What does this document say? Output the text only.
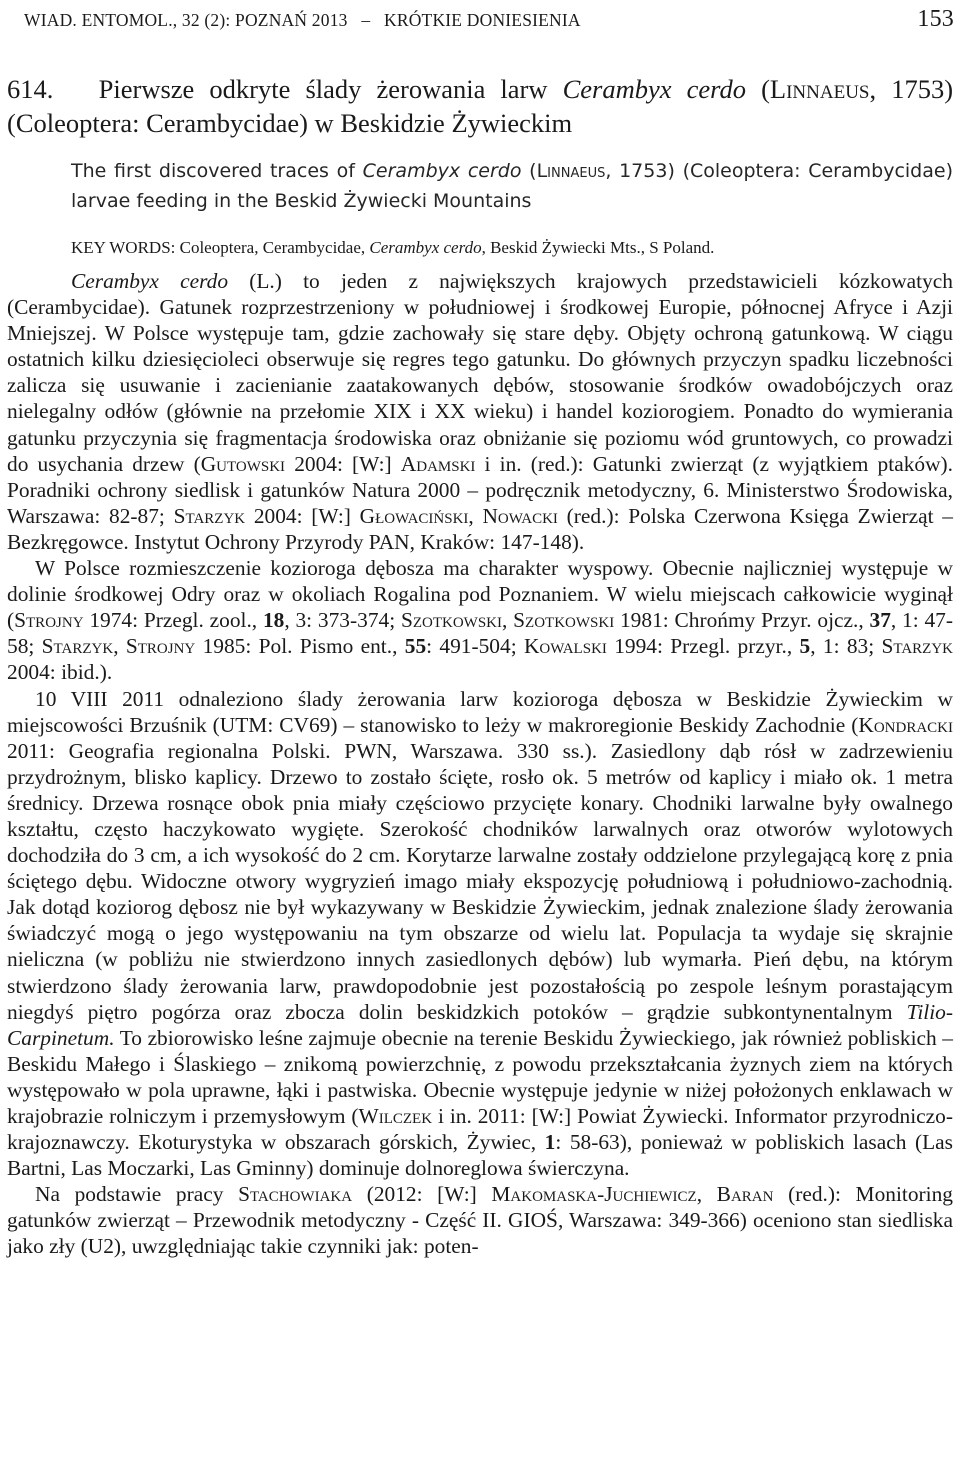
WIAD. ENTOMOL., 32 (2): POZNAŃ 2013   –   KRÓTKIE DONIESIENIA	153
614. Pierwsze odkryte ślady żerowania larw Cerambyx cerdo (Linnaeus, 1753) (Coleoptera: Cerambycidae) w Beskidzie Żywieckim
The first discovered traces of Cerambyx cerdo (Linnaeus, 1753) (Coleoptera: Cerambycidae) larvae feeding in the Beskid Żywiecki Mountains
KEY WORDS: Coleoptera, Cerambycidae, Cerambyx cerdo, Beskid Żywiecki Mts., S Poland.

Cerambyx cerdo (L.) to jeden z największych krajowych przedstawicieli kózkowatych (Cerambycidae). Gatunek rozprzestrzeniony w południowej i środkowej Europie, północnej Afryce i Azji Mniejszej. W Polsce występuje tam, gdzie zachowały się stare dęby. Objęty ochroną gatunkową. W ciągu ostatnich kilku dziesięcioleci obserwuje się regres tego gatunku. Do głównych przyczyn spadku liczebności zalicza się usuwanie i zacienianie zaatakowanych dębów, stosowanie środków owadobójczych oraz nielegalny odłów (głównie na przełomie XIX i XX wieku) i handel koziorogiem. Ponadto do wymierania gatunku przyczynia się fragmentacja środowiska oraz obniżanie się poziomu wód gruntowych, co prowadzi do usychania drzew (Gutowski 2004: [W:] Adamski i in. (red.): Gatunki zwierząt (z wyjątkiem ptaków). Poradniki ochrony siedlisk i gatunków Natura 2000 – podręcznik metodyczny, 6. Ministerstwo Środowiska, Warszawa: 82-87; Starzyk 2004: [W:] Głowaciński, Nowacki (red.): Polska Czerwona Księga Zwierząt – Bezkręgowce. Instytut Ochrony Przyrody PAN, Kraków: 147-148).

W Polsce rozmieszczenie koziorogа dębosza ma charakter wyspowy. Obecnie najliczniej występuje w dolinie środkowej Odry oraz w okoliach Rogalina pod Poznaniem. W wielu miejscach całkowicie wyginął (Strojny 1974: Przegl. zool., 18, 3: 373-374; Szotkowski, Szotkowski 1981: Chrońmy Przyr. ojcz., 37, 1: 47-58; Starzyk, Strojny 1985: Pol. Pismo ent., 55: 491-504; Kowalski 1994: Przegl. przyr., 5, 1: 83; Starzyk 2004: ibid.).

10 VIII 2011 odnaleziono ślady żerowania larw koziorogа dębosza w Beskidzie Żywieckim w miejscowości Brzuśnik (UTM: CV69) – stanowisko to leży w makroregionie Beskidy Zachodnie (Kondracki 2011: Geografia regionalna Polski. PWN, Warszawa. 330 ss.). Zasiedlony dąb rósł w zadrzewieniu przydrożnym, blisko kaplicy. Drzewo to zostało ścięte, rosło ok. 5 metrów od kaplicy i miało ok. 1 metra średnicy. Drzewa rosnące obok pnia miały częściowo przycięte konary. Chodniki larwalne były owalnego kształtu, często haczykowato wygięte. Szerokość chodników larwalnych oraz otworów wylotowych dochodziła do 3 cm, a ich wysokość do 2 cm. Korytarze larwalne zostały oddzielone przylegającą korę z pnia ściętego dębu. Widoczne otwory wygryzień imago miały ekspozycję południową i południowo-zachodnią. Jak dotąd koziorog dębosz nie był wykazywany w Beskidzie Żywieckim, jednak znalezione ślady żerowania świadczyć mogą o jego występowaniu na tym obszarze od wielu lat. Populacja ta wydaje się skrajnie nieliczna (w pobliżu nie stwierdzono innych zasiedlonych dębów) lub wymarła. Pień dębu, na którym stwierdzono ślady żerowania larw, prawdopodobnie jest pozostałością po zespole leśnym porastającym niegdyś piętro pogórza oraz zbocza dolin beskidzkich potoków – grądzie subkontynentalnym Tilio-Carpinetum. To zbiorowisko leśne zajmuje obecnie na terenie Beskidu Żywieckiego, jak również pobliskich – Beskidu Małego i Ślaskiego – znikomą powierzchnię, z powodu przekształcania żyznych ziem na których występowało w pola uprawne, łąki i pastwiska. Obecnie występuje jedynie w niżej położonych enklawach w krajobrazie rolniczym i przemysłowym (Wilczek i in. 2011: [W:] Powiat Żywiecki. Informator przyrodniczo-krajoznawczy. Ekoturystyka w obszarach górskich, Żywiec, 1: 58-63), ponieważ w pobliskich lasach (Las Bartni, Las Moczarki, Las Gminny) dominuje dolnoreglowa świerczyna.

Na podstawie pracy Stachowiaka (2012: [W:] Makomaska-Juchiewicz, Baran (red.): Monitoring gatunków zwierząt – Przewodnik metodyczny - Część II. GIOŚ, Warszawa: 349-366) oceniono stan siedliska jako zły (U2), uwzględniając takie czynniki jak: poten-
